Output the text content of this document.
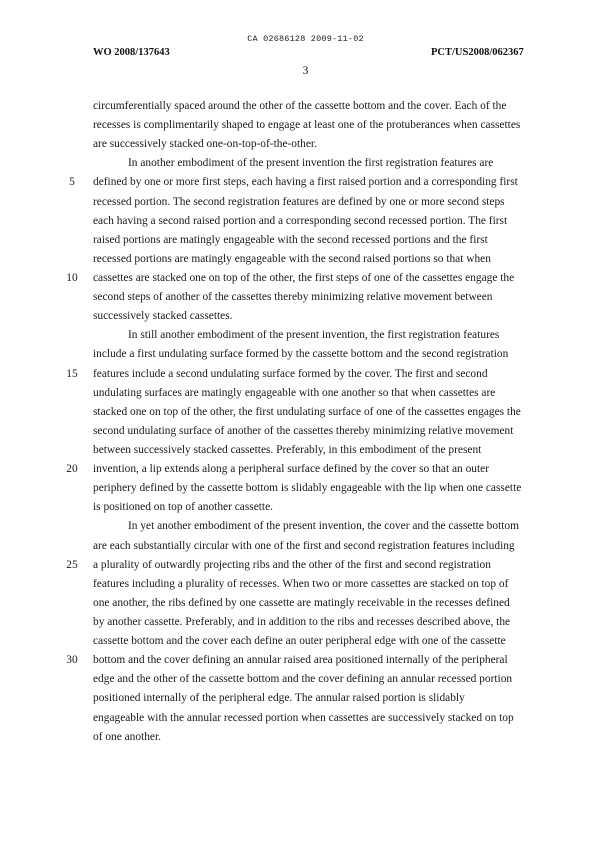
CA 02686128 2009-11-02
WO 2008/137643	PCT/US2008/062367
3
circumferentially spaced around the other of the cassette bottom and the cover. Each of the
recesses is complimentarily shaped to engage at least one of the protuberances when cassettes
are successively stacked one-on-top-of-the-other.
In another embodiment of the present invention the first registration features are
5	defined by one or more first steps, each having a first raised portion and a corresponding first
recessed portion. The second registration features are defined by one or more second steps
each having a second raised portion and a corresponding second recessed portion. The first
raised portions are matingly engageable with the second recessed portions and the first
recessed portions are matingly engageable with the second raised portions so that when
10 cassettes are stacked one on top of the other, the first steps of one of the cassettes engage the
second steps of another of the cassettes thereby minimizing relative movement between
successively stacked cassettes.
In still another embodiment of the present invention, the first registration features
include a first undulating surface formed by the cassette bottom and the second registration
15 features include a second undulating surface formed by the cover. The first and second
undulating surfaces are matingly engageable with one another so that when cassettes are
stacked one on top of the other, the first undulating surface of one of the cassettes engages the
second undulating surface of another of the cassettes thereby minimizing relative movement
between successively stacked cassettes. Preferably, in this embodiment of the present
20 invention, a lip extends along a peripheral surface defined by the cover so that an outer
periphery defined by the cassette bottom is slidably engageable with the lip when one cassette
is positioned on top of another cassette.
In yet another embodiment of the present invention, the cover and the cassette bottom
are each substantially circular with one of the first and second registration features including
25 a plurality of outwardly projecting ribs and the other of the first and second registration
features including a plurality of recesses. When two or more cassettes are stacked on top of
one another, the ribs defined by one cassette are matingly receivable in the recesses defined
by another cassette. Preferably, and in addition to the ribs and recesses described above, the
cassette bottom and the cover each define an outer peripheral edge with one of the cassette
30 bottom and the cover defining an annular raised area positioned internally of the peripheral
edge and the other of the cassette bottom and the cover defining an annular recessed portion
positioned internally of the peripheral edge. The annular raised portion is slidably
engageable with the annular recessed portion when cassettes are successively stacked on top
of one another.
